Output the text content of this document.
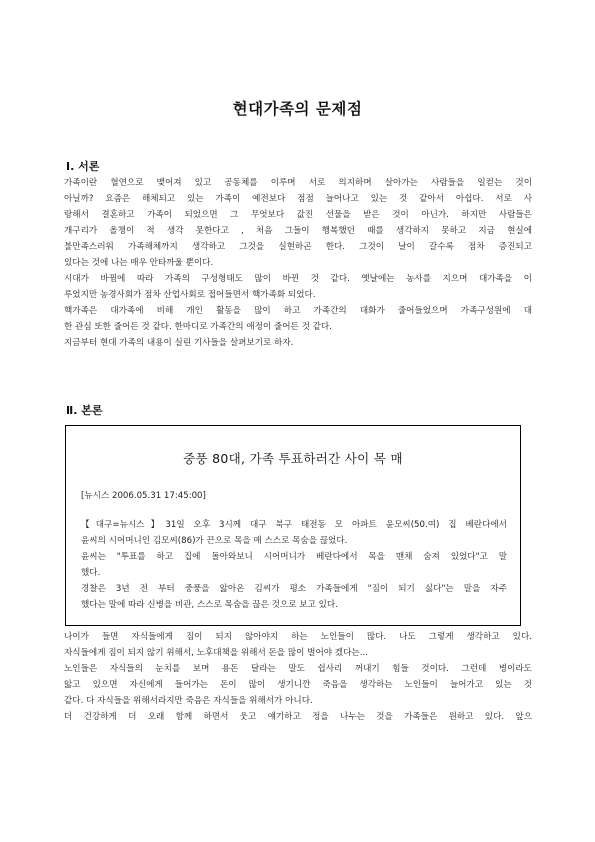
현대가족의 문제점
Ⅰ. 서론
가족이란 혈연으로 맺어져 있고 공동체를 이루며 서로 의지하며 살아가는 사람들을 일컫는 것이
아닐까? 요즘은 해체되고 있는 가족이 예전보다 점점 늘어나고 있는 것 같아서 아쉽다. 서로 사
랑해서 결혼하고 가족이 되었으면 그 무엇보다 값진 선물을 받은 것이 아닌가. 하지만 사람들은
개구리가 올챙이 적 생각 못한다고 , 처음 그들이 행복했던 때를 생각하지 못하고 지금 현실에
불만족스러워 가족해체까지 생각하고 그것을 실현하곤 한다. 그것이 날이 갈수록 점차 증진되고
있다는 것에 나는 매우 안타까울 뿐이다.
시대가 바뀜에 따라 가족의 구성형태도 많이 바뀐 것 같다. 옛날에는 농사를 지으며 대가족을 이
루었지만 농경사회가 점차 산업사회로 접어들면서 핵가족화 되었다.
핵가족은 대가족에 비해 개인 활동을 많이 하고 가족간의 대화가 줄어들었으며 가족구성원에 대
한 관심 또한 줄어든 것 같다. 한마디로 가족간의 애정이 줄어든 것 같다.
지금부터 현대 가족의 내용이 실린 기사들을 살펴보기로 하자.
Ⅱ. 본론
중풍 80대, 가족 투표하러간 사이 목 매
[뉴시스 2006.05.31 17:45:00]
【대구=뉴시스】31일 오후 3시께 대구 북구 태전동 모 아파트 윤모씨(50.여) 집 베란다에서
윤씨의 시어머니인 김모씨(86)가 끈으로 목을 매 스스로 목숨을 끊었다.
윤씨는 "투표를 하고 집에 돌아와보니 시어머니가 베란다에서 목을 맨채 숨져 있었다"고 말
했다.
경찰은 3년 전 부터 중풍을 앓아온 김씨가 평소 가족들에게 "짐이 되기 싫다"는 말을 자주
했다는 말에 따라 신병을 비관, 스스로 목숨을 끊은 것으로 보고 있다.
나이가 들면 자식들에게 짐이 되지 않아야지 하는 노인들이 많다. 나도 그렇게 생각하고 있다.
자식들에게 짐이 되지 않기 위해서, 노후대책을 위해서 돈을 많이 벌어야 겠다는...
노인들은 자식들의 눈치를 보며 용돈 달라는 말도 쉽사리 꺼내기 힘들 것이다. 그런데 병이라도
앓고 있으면 자신에게 들어가는 돈이 많이 생기니깐 죽음을 생각하는 노인들이 늘어가고 있는 것
같다. 다 자식들을 위해서라지만 죽음은 자식들을 위해서가 아니다.
더 건강하게 더 오래 함께 하면서 웃고 얘기하고 정을 나누는 것을 가족들은 원하고 있다. 앞으
